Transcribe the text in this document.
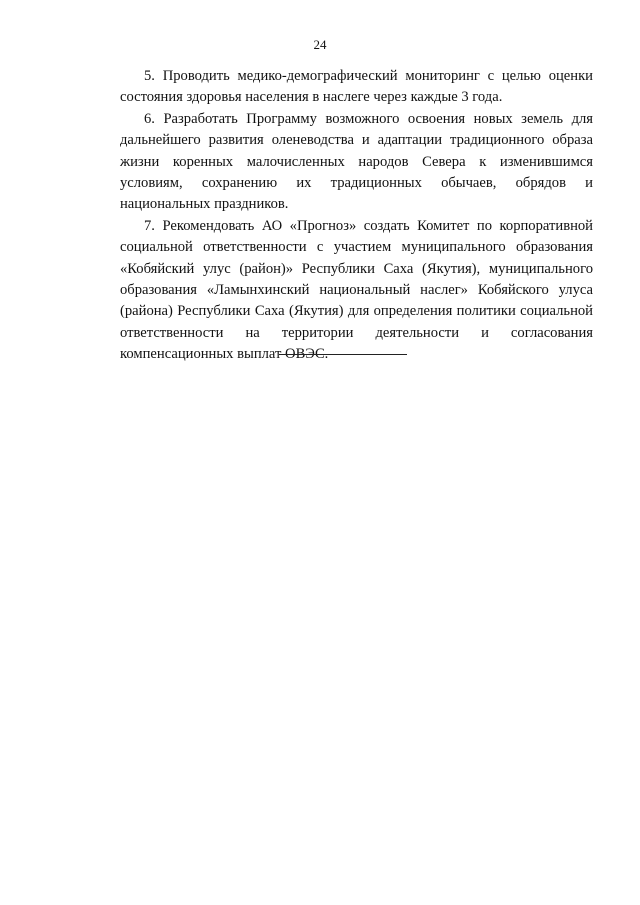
24

5. Проводить медико-демографический мониторинг с целью оценки состояния здоровья населения в наслеге через каждые 3 года.

6. Разработать Программу возможного освоения новых земель для дальнейшего развития оленеводства и адаптации традиционного образа жизни коренных малочисленных народов Севера к изменившимся условиям, сохранению их традиционных обычаев, обрядов и национальных праздников.

7. Рекомендовать АО «Прогноз» создать Комитет по корпоративной социальной ответственности с участием муниципального образования «Кобяйский улус (район)» Республики Саха (Якутия), муниципального образования «Ламынхинский национальный наслег» Кобяйского улуса (района) Республики Саха (Якутия) для определения политики социальной ответственности на территории деятельности и согласования компенсационных выплат ОВЭС.
